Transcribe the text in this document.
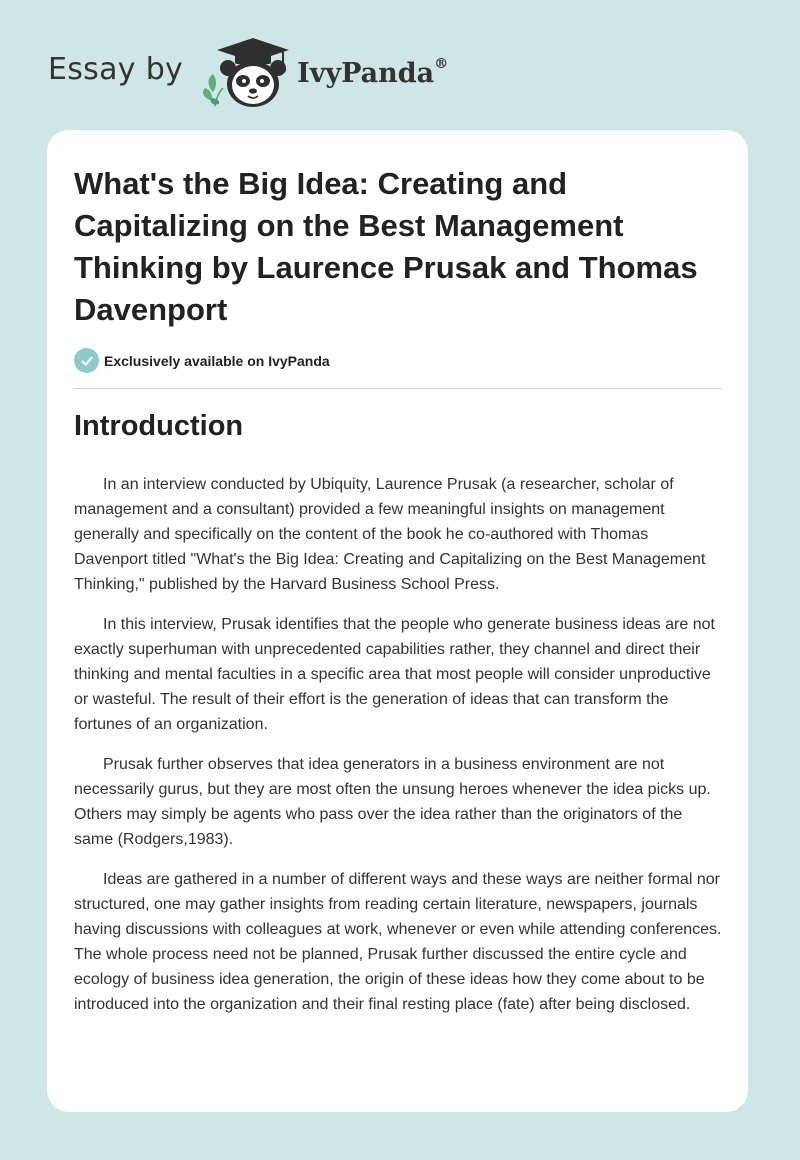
Essay by	IvyPanda®
What's the Big Idea: Creating and Capitalizing on the Best Management Thinking by Laurence Prusak and Thomas Davenport
Exclusively available on IvyPanda
Introduction

In an interview conducted by Ubiquity, Laurence Prusak (a researcher, scholar of management and a consultant) provided a few meaningful insights on management generally and specifically on the content of the book he co-authored with Thomas Davenport titled "What's the Big Idea: Creating and Capitalizing on the Best Management Thinking," published by the Harvard Business School Press.

In this interview, Prusak identifies that the people who generate business ideas are not exactly superhuman with unprecedented capabilities rather, they channel and direct their thinking and mental faculties in a specific area that most people will consider unproductive or wasteful. The result of their effort is the generation of ideas that can transform the fortunes of an organization.

Prusak further observes that idea generators in a business environment are not necessarily gurus, but they are most often the unsung heroes whenever the idea picks up. Others may simply be agents who pass over the idea rather than the originators of the same (Rodgers,1983).

Ideas are gathered in a number of different ways and these ways are neither formal nor structured, one may gather insights from reading certain literature, newspapers, journals having discussions with colleagues at work, whenever or even while attending conferences. The whole process need not be planned, Prusak further discussed the entire cycle and ecology of business idea generation, the origin of these ideas how they come about to be introduced into the organization and their final resting place (fate) after being disclosed.
